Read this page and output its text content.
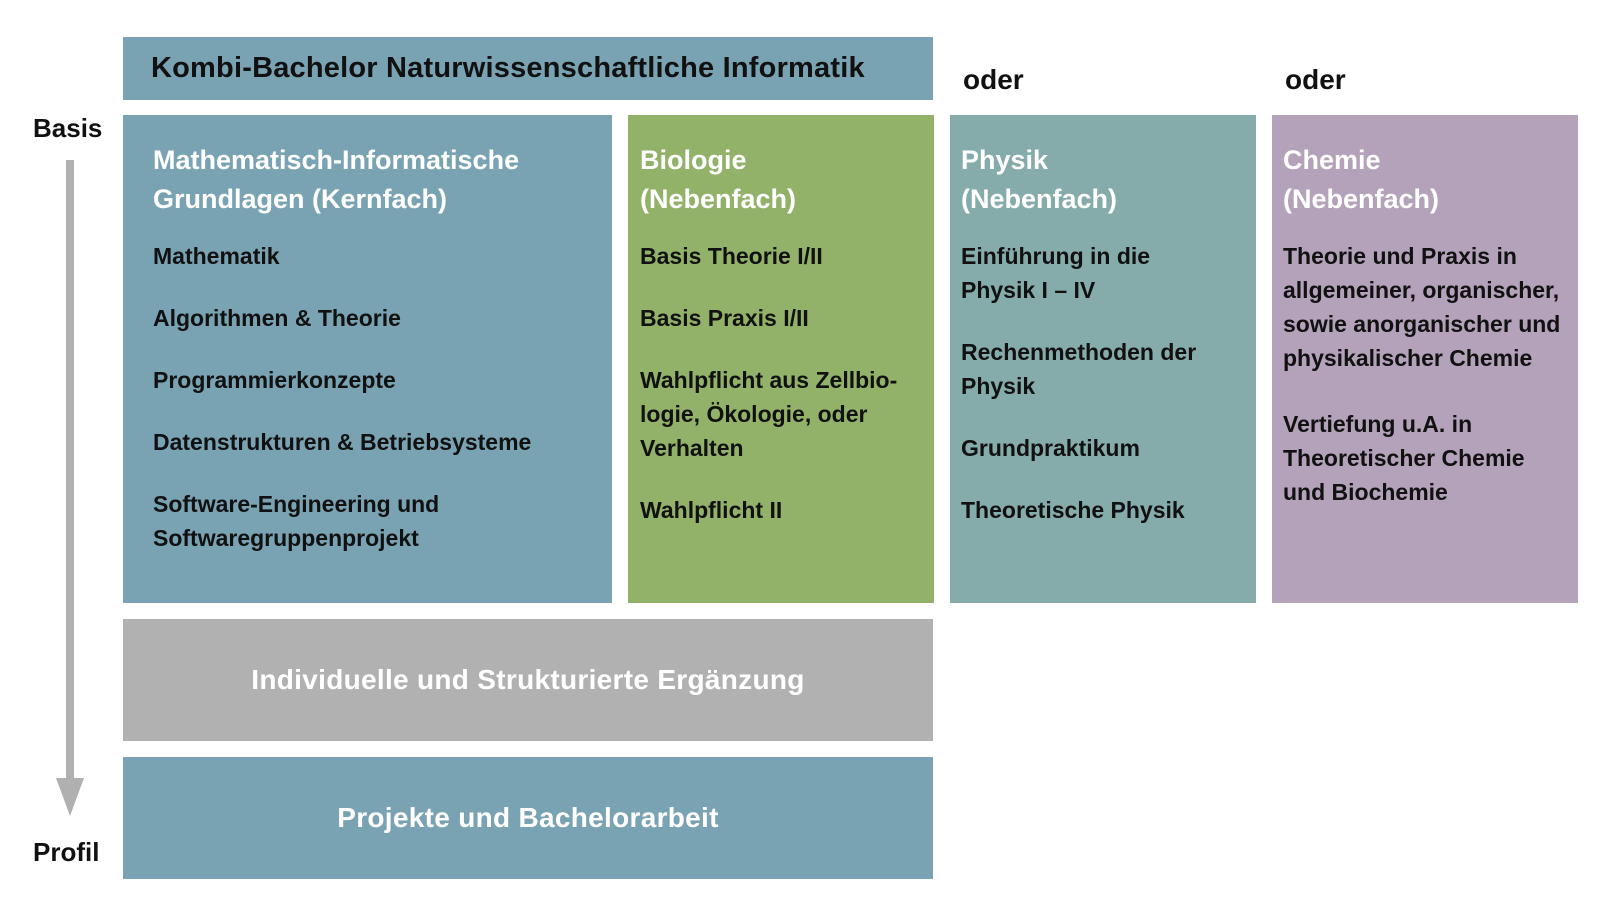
Kombi-Bachelor Naturwissenschaftliche Informatik	oder	oder
Basis
Profil
Mathematisch-Informatische
Grundlagen (Kernfach)
Mathematik
Algorithmen & Theorie
Programmierkonzepte
Datenstrukturen & Betriebsysteme
Software-Engineering und Softwaregruppenprojekt
Biologie
(Nebenfach)
Basis Theorie I/II
Basis Praxis I/II
Wahlpflicht aus Zellbiologie, Ökologie, oder Verhalten
Wahlpflicht II
Physik
(Nebenfach)
Einführung in die Physik I – IV
Rechenmethoden der Physik
Grundpraktikum
Theoretische Physik
Chemie
(Nebenfach)
Theorie und Praxis in allgemeiner, organischer, sowie anorganischer und physikalischer Chemie
Vertiefung u.A. in Theoretischer Chemie und Biochemie
Individuelle und Strukturierte Ergänzung
Projekte und Bachelorarbeit
